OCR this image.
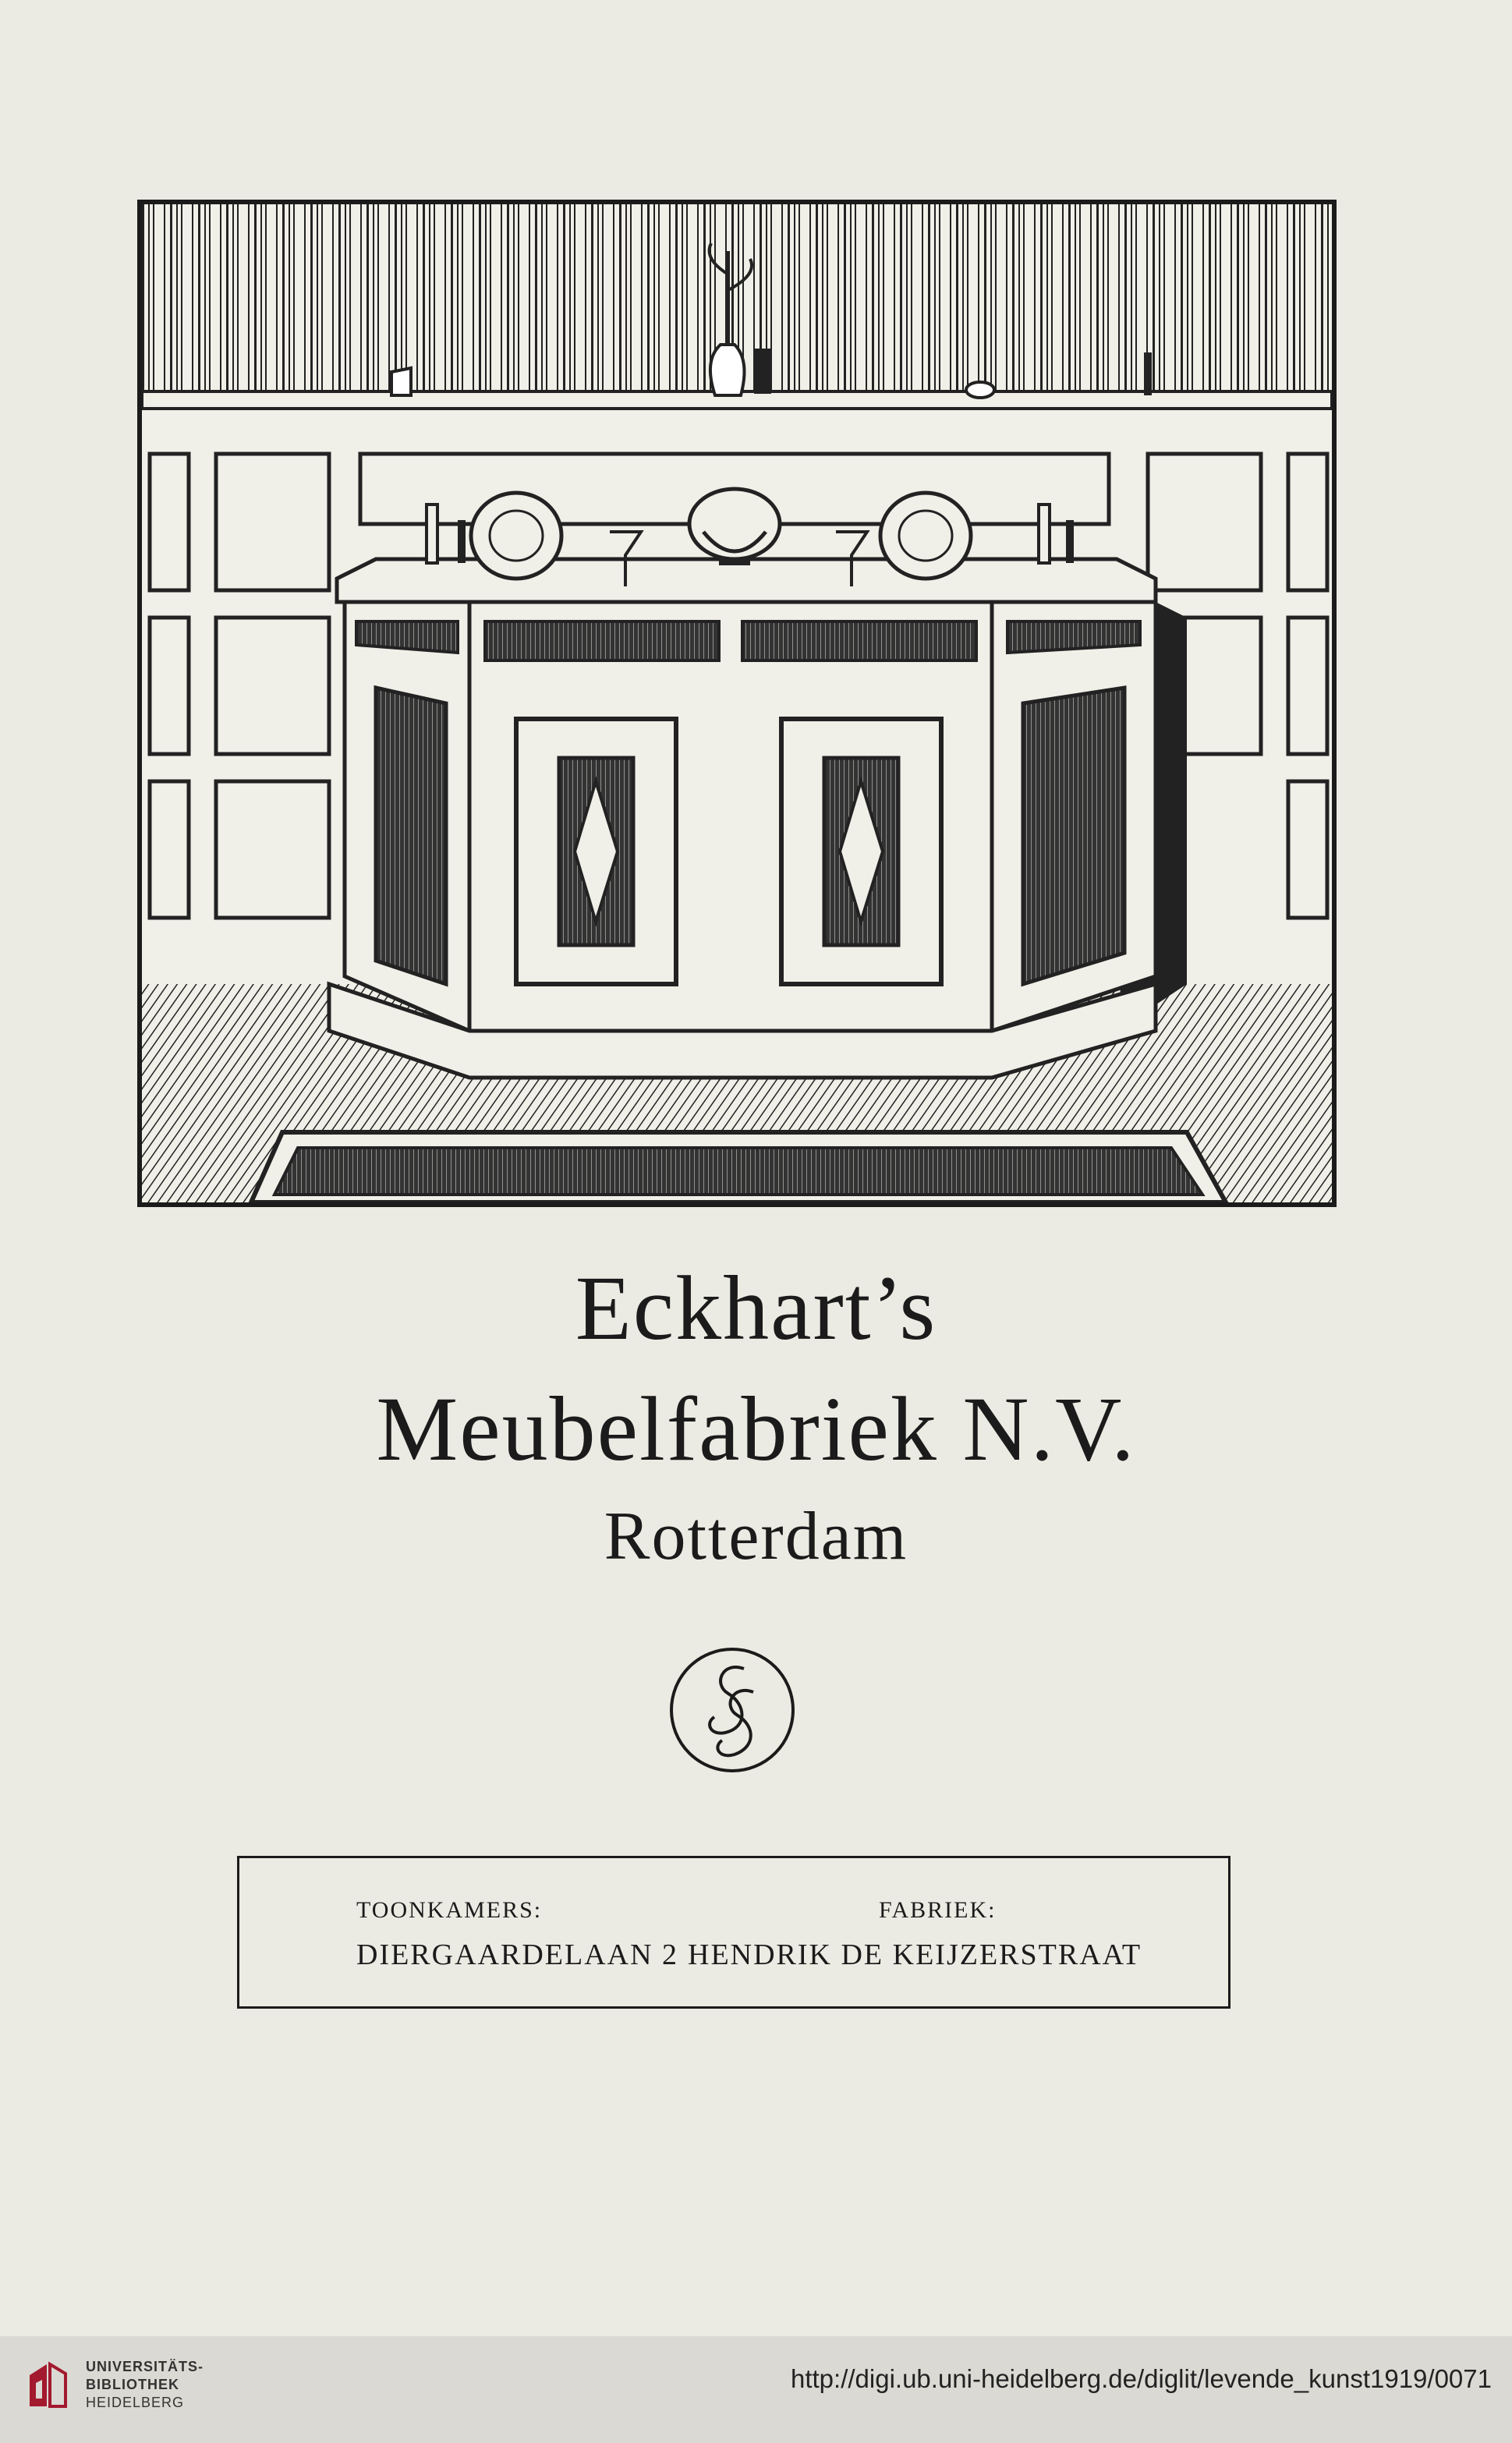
Eckhart’s
Meubelfabriek N.V.
Rotterdam
TOONKAMERS:	FABRIEK:
DIERGAARDELAAN 2 HENDRIK DE KEIJZERSTRAAT
UNIVERSITÄTS-
BIBLIOTHEK
HEIDELBERG
http://digi.ub.uni-heidelberg.de/diglit/levende_kunst1919/0071
